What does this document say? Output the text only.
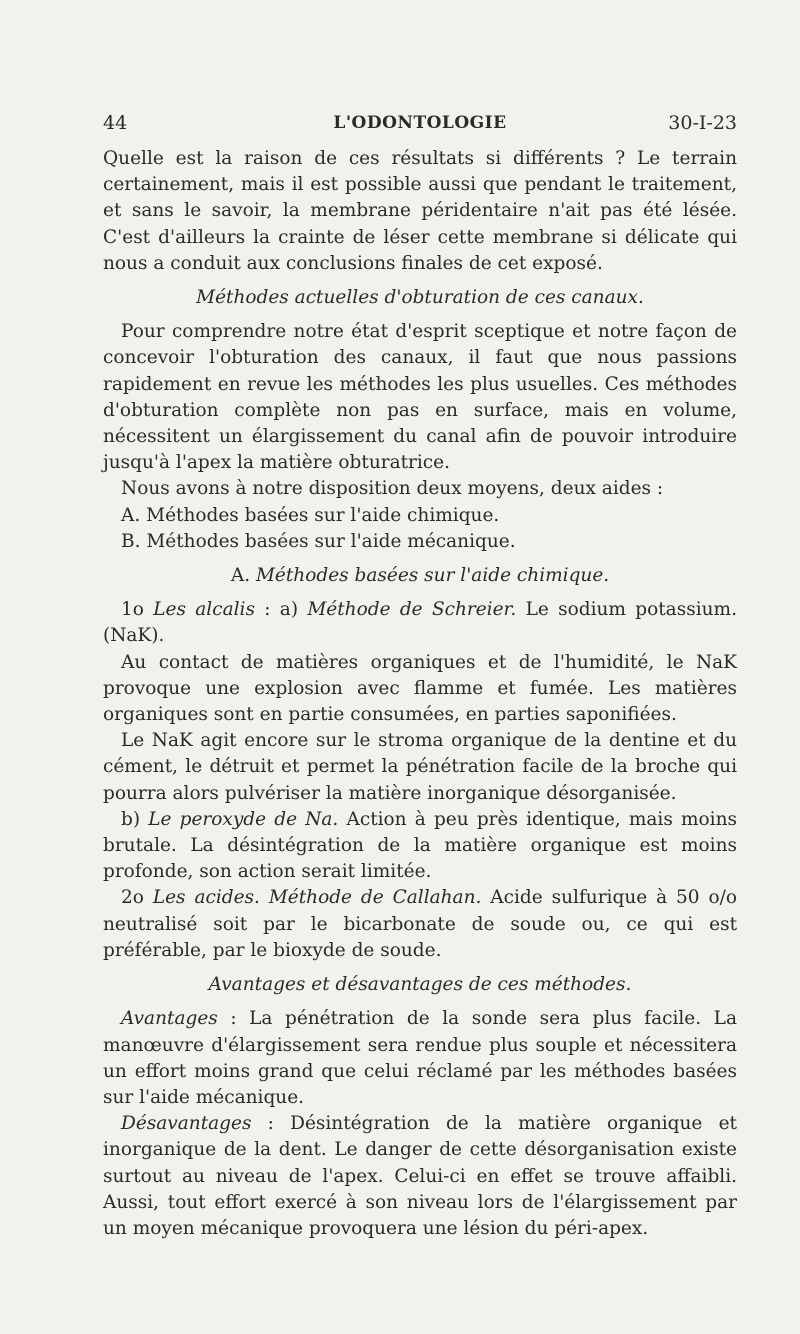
44	L'ODONTOLOGIE	30-I-23

Quelle est la raison de ces résultats si différents ? Le terrain certainement, mais il est possible aussi que pendant le traitement, et sans le savoir, la membrane péridentaire n'ait pas été lésée. C'est d'ailleurs la crainte de léser cette membrane si délicate qui nous a conduit aux conclusions finales de cet exposé.

Méthodes actuelles d'obturation de ces canaux.

Pour comprendre notre état d'esprit sceptique et notre façon de concevoir l'obturation des canaux, il faut que nous passions rapidement en revue les méthodes les plus usuelles. Ces méthodes d'obturation complète non pas en surface, mais en volume, nécessitent un élargissement du canal afin de pouvoir introduire jusqu'à l'apex la matière obturatrice.

Nous avons à notre disposition deux moyens, deux aides :

A. Méthodes basées sur l'aide chimique.

B. Méthodes basées sur l'aide mécanique.

A. Méthodes basées sur l'aide chimique.

1o Les alcalis : a) Méthode de Schreier. Le sodium potassium. (NaK).

Au contact de matières organiques et de l'humidité, le NaK provoque une explosion avec flamme et fumée. Les matières organiques sont en partie consumées, en parties saponifiées.

Le NaK agit encore sur le stroma organique de la dentine et du cément, le détruit et permet la pénétration facile de la broche qui pourra alors pulvériser la matière inorganique désorganisée.

b) Le peroxyde de Na. Action à peu près identique, mais moins brutale. La désintégration de la matière organique est moins profonde, son action serait limitée.

2o Les acides. Méthode de Callahan. Acide sulfurique à 50 o/o neutralisé soit par le bicarbonate de soude ou, ce qui est préférable, par le bioxyde de soude.

Avantages et désavantages de ces méthodes.

Avantages : La pénétration de la sonde sera plus facile. La manœuvre d'élargissement sera rendue plus souple et nécessitera un effort moins grand que celui réclamé par les méthodes basées sur l'aide mécanique.

Désavantages : Désintégration de la matière organique et inorganique de la dent. Le danger de cette désorganisation existe surtout au niveau de l'apex. Celui-ci en effet se trouve affaibli. Aussi, tout effort exercé à son niveau lors de l'élargissement par un moyen mécanique provoquera une lésion du péri-apex.
